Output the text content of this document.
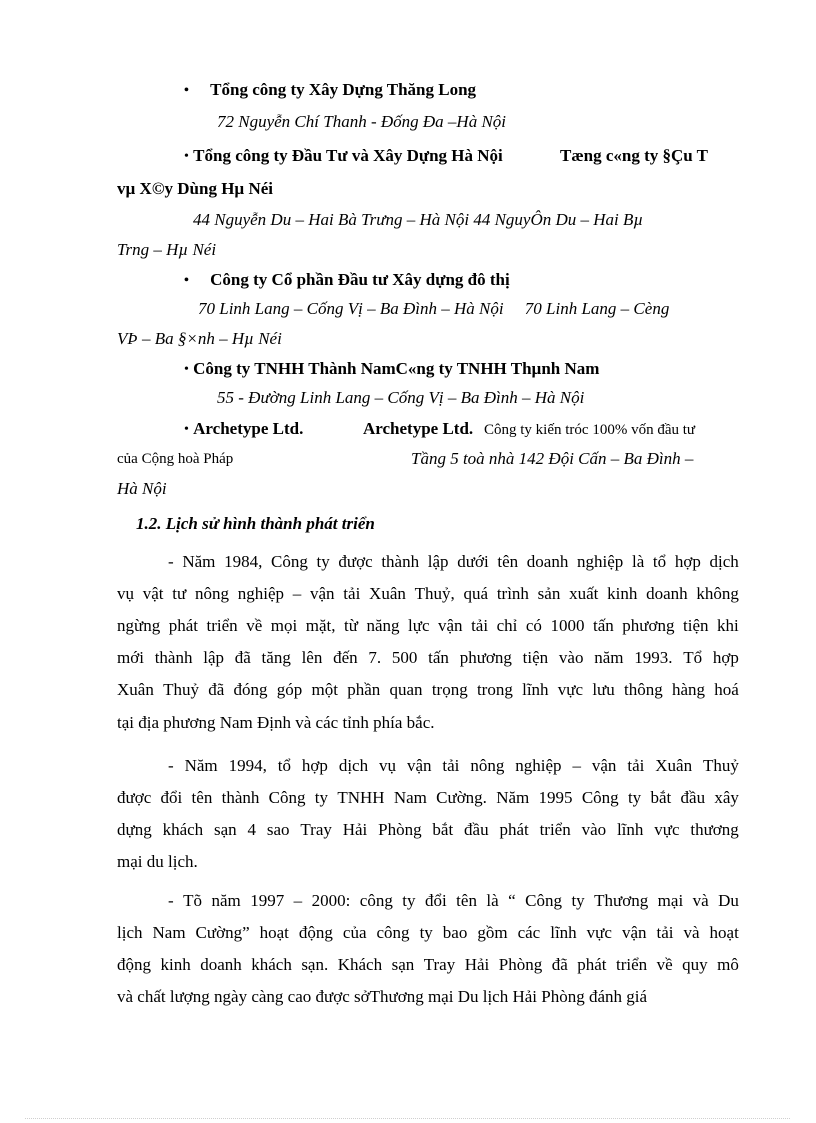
• Tổng công ty Xây Dựng Thăng Long
72 Nguyễn Chí Thanh - Đống Đa –Hà Nội
• Tổng công ty Đầu Tư và Xây Dựng Hà Nội	Tæng c«ng ty §Çu T
vµ X©y Dùng Hµ Néi
44 Nguyễn Du – Hai Bà Trưng – Hà Nội 44 NguyÔn Du – Hai Bµ
Trng – Hµ Néi
• Công ty Cổ phần Đầu tư Xây dựng đô thị
70 Linh Lang – Cống Vị – Ba Đình – Hà Nội     70 Linh Lang – Cèng
VÞ – Ba §×nh – Hµ Néi
• Công ty TNHH Thành NamC«ng ty TNHH Thµnh Nam
55 - Đường Linh Lang – Cống Vị – Ba Đình – Hà Nội
• Archetype Ltd.	Archetype Ltd. Công ty kiến tróc 100% vốn đầu tư
của Cộng hoà Pháp	Tầng 5 toà nhà 142 Đội Cấn – Ba Đình –
Hà Nội
1.2. Lịch sử hình thành phát triển
- Năm 1984, Công ty được thành lập dưới tên doanh nghiệp là tổ hợp dịch
vụ vật tư nông nghiệp – vận tải Xuân Thuỷ, quá trình sản xuất kinh doanh không
ngừng phát triển về mọi mặt, từ năng lực vận tải chỉ có 1000 tấn phương tiện khi
mới thành lập đã tăng lên đến 7. 500 tấn phương tiện vào năm 1993. Tổ hợp
Xuân Thuỷ đã đóng góp một phần quan trọng trong lĩnh vực lưu thông hàng hoá
tại địa phương Nam Định và các tỉnh phía bắc.
- Năm 1994, tổ hợp dịch vụ vận tải nông nghiệp – vận tải Xuân Thuỷ
được đổi tên thành Công ty TNHH Nam Cường. Năm 1995 Công ty bắt đầu xây
dựng khách sạn 4 sao Tray Hải Phòng bắt đầu phát triển vào lĩnh vực thương
mại du lịch.
- Tõ năm 1997 – 2000: công ty đổi tên là “ Công ty Thương mại và Du
lịch Nam Cường” hoạt động của công ty bao gồm các lĩnh vực vận tải và hoạt
động kinh doanh khách sạn. Khách sạn Tray Hải Phòng đã phát triển về quy mô
và chất lượng ngày càng cao được sởThương mại Du lịch Hải Phòng đánh giá
